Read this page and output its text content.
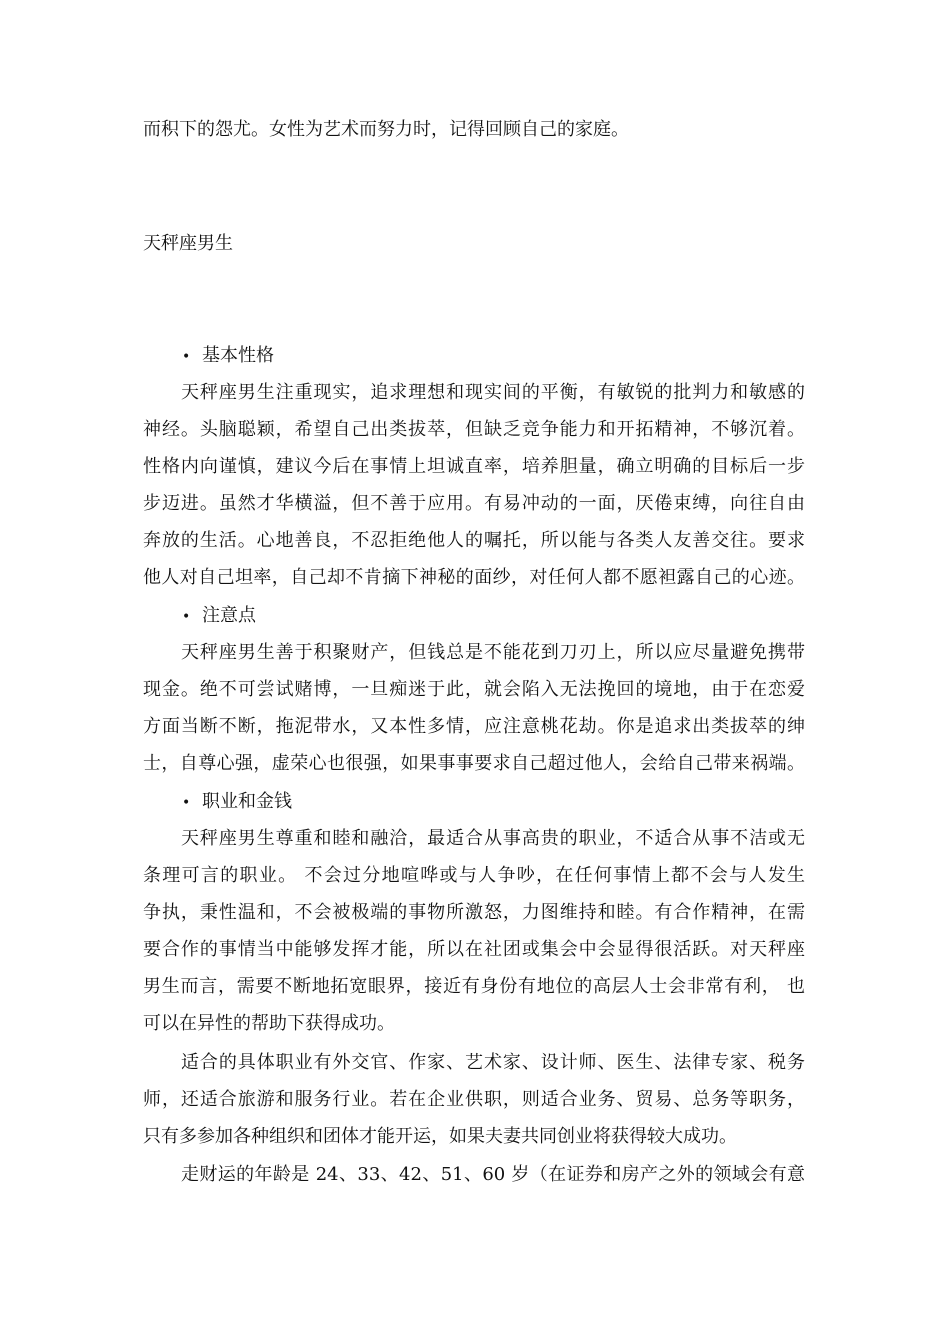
而积下的怨尤。女性为艺术而努力时，记得回顾自己的家庭。
天秤座男生
• 基本性格
天秤座男生注重现实，追求理想和现实间的平衡，有敏锐的批判力和敏感的
神经。头脑聪颖，希望自己出类拔萃，但缺乏竞争能力和开拓精神，不够沉着。
性格内向谨慎，建议今后在事情上坦诚直率，培养胆量，确立明确的目标后一步
步迈进。虽然才华横溢，但不善于应用。有易冲动的一面，厌倦束缚，向往自由
奔放的生活。心地善良，不忍拒绝他人的嘱托，所以能与各类人友善交往。要求
他人对自己坦率，自己却不肯摘下神秘的面纱，对任何人都不愿袒露自己的心迹。
• 注意点
天秤座男生善于积聚财产，但钱总是不能花到刀刃上，所以应尽量避免携带
现金。绝不可尝试赌博，一旦痴迷于此，就会陷入无法挽回的境地，由于在恋爱
方面当断不断，拖泥带水，又本性多情，应注意桃花劫。你是追求出类拔萃的绅
士，自尊心强，虚荣心也很强，如果事事要求自己超过他人，会给自己带来祸端。
• 职业和金钱
天秤座男生尊重和睦和融洽，最适合从事高贵的职业，不适合从事不洁或无
条理可言的职业。 不会过分地喧哗或与人争吵，在任何事情上都不会与人发生
争执，秉性温和，不会被极端的事物所激怒，力图维持和睦。有合作精神，在需
要合作的事情当中能够发挥才能，所以在社团或集会中会显得很活跃。对天秤座
男生而言，需要不断地拓宽眼界，接近有身份有地位的高层人士会非常有利， 也
可以在异性的帮助下获得成功。
适合的具体职业有外交官、作家、艺术家、设计师、医生、法律专家、税务
师，还适合旅游和服务行业。若在企业供职，则适合业务、贸易、总务等职务，
只有多参加各种组织和团体才能开运，如果夫妻共同创业将获得较大成功。
走财运的年龄是 24、33、42、51、60 岁（在证券和房产之外的领域会有意
